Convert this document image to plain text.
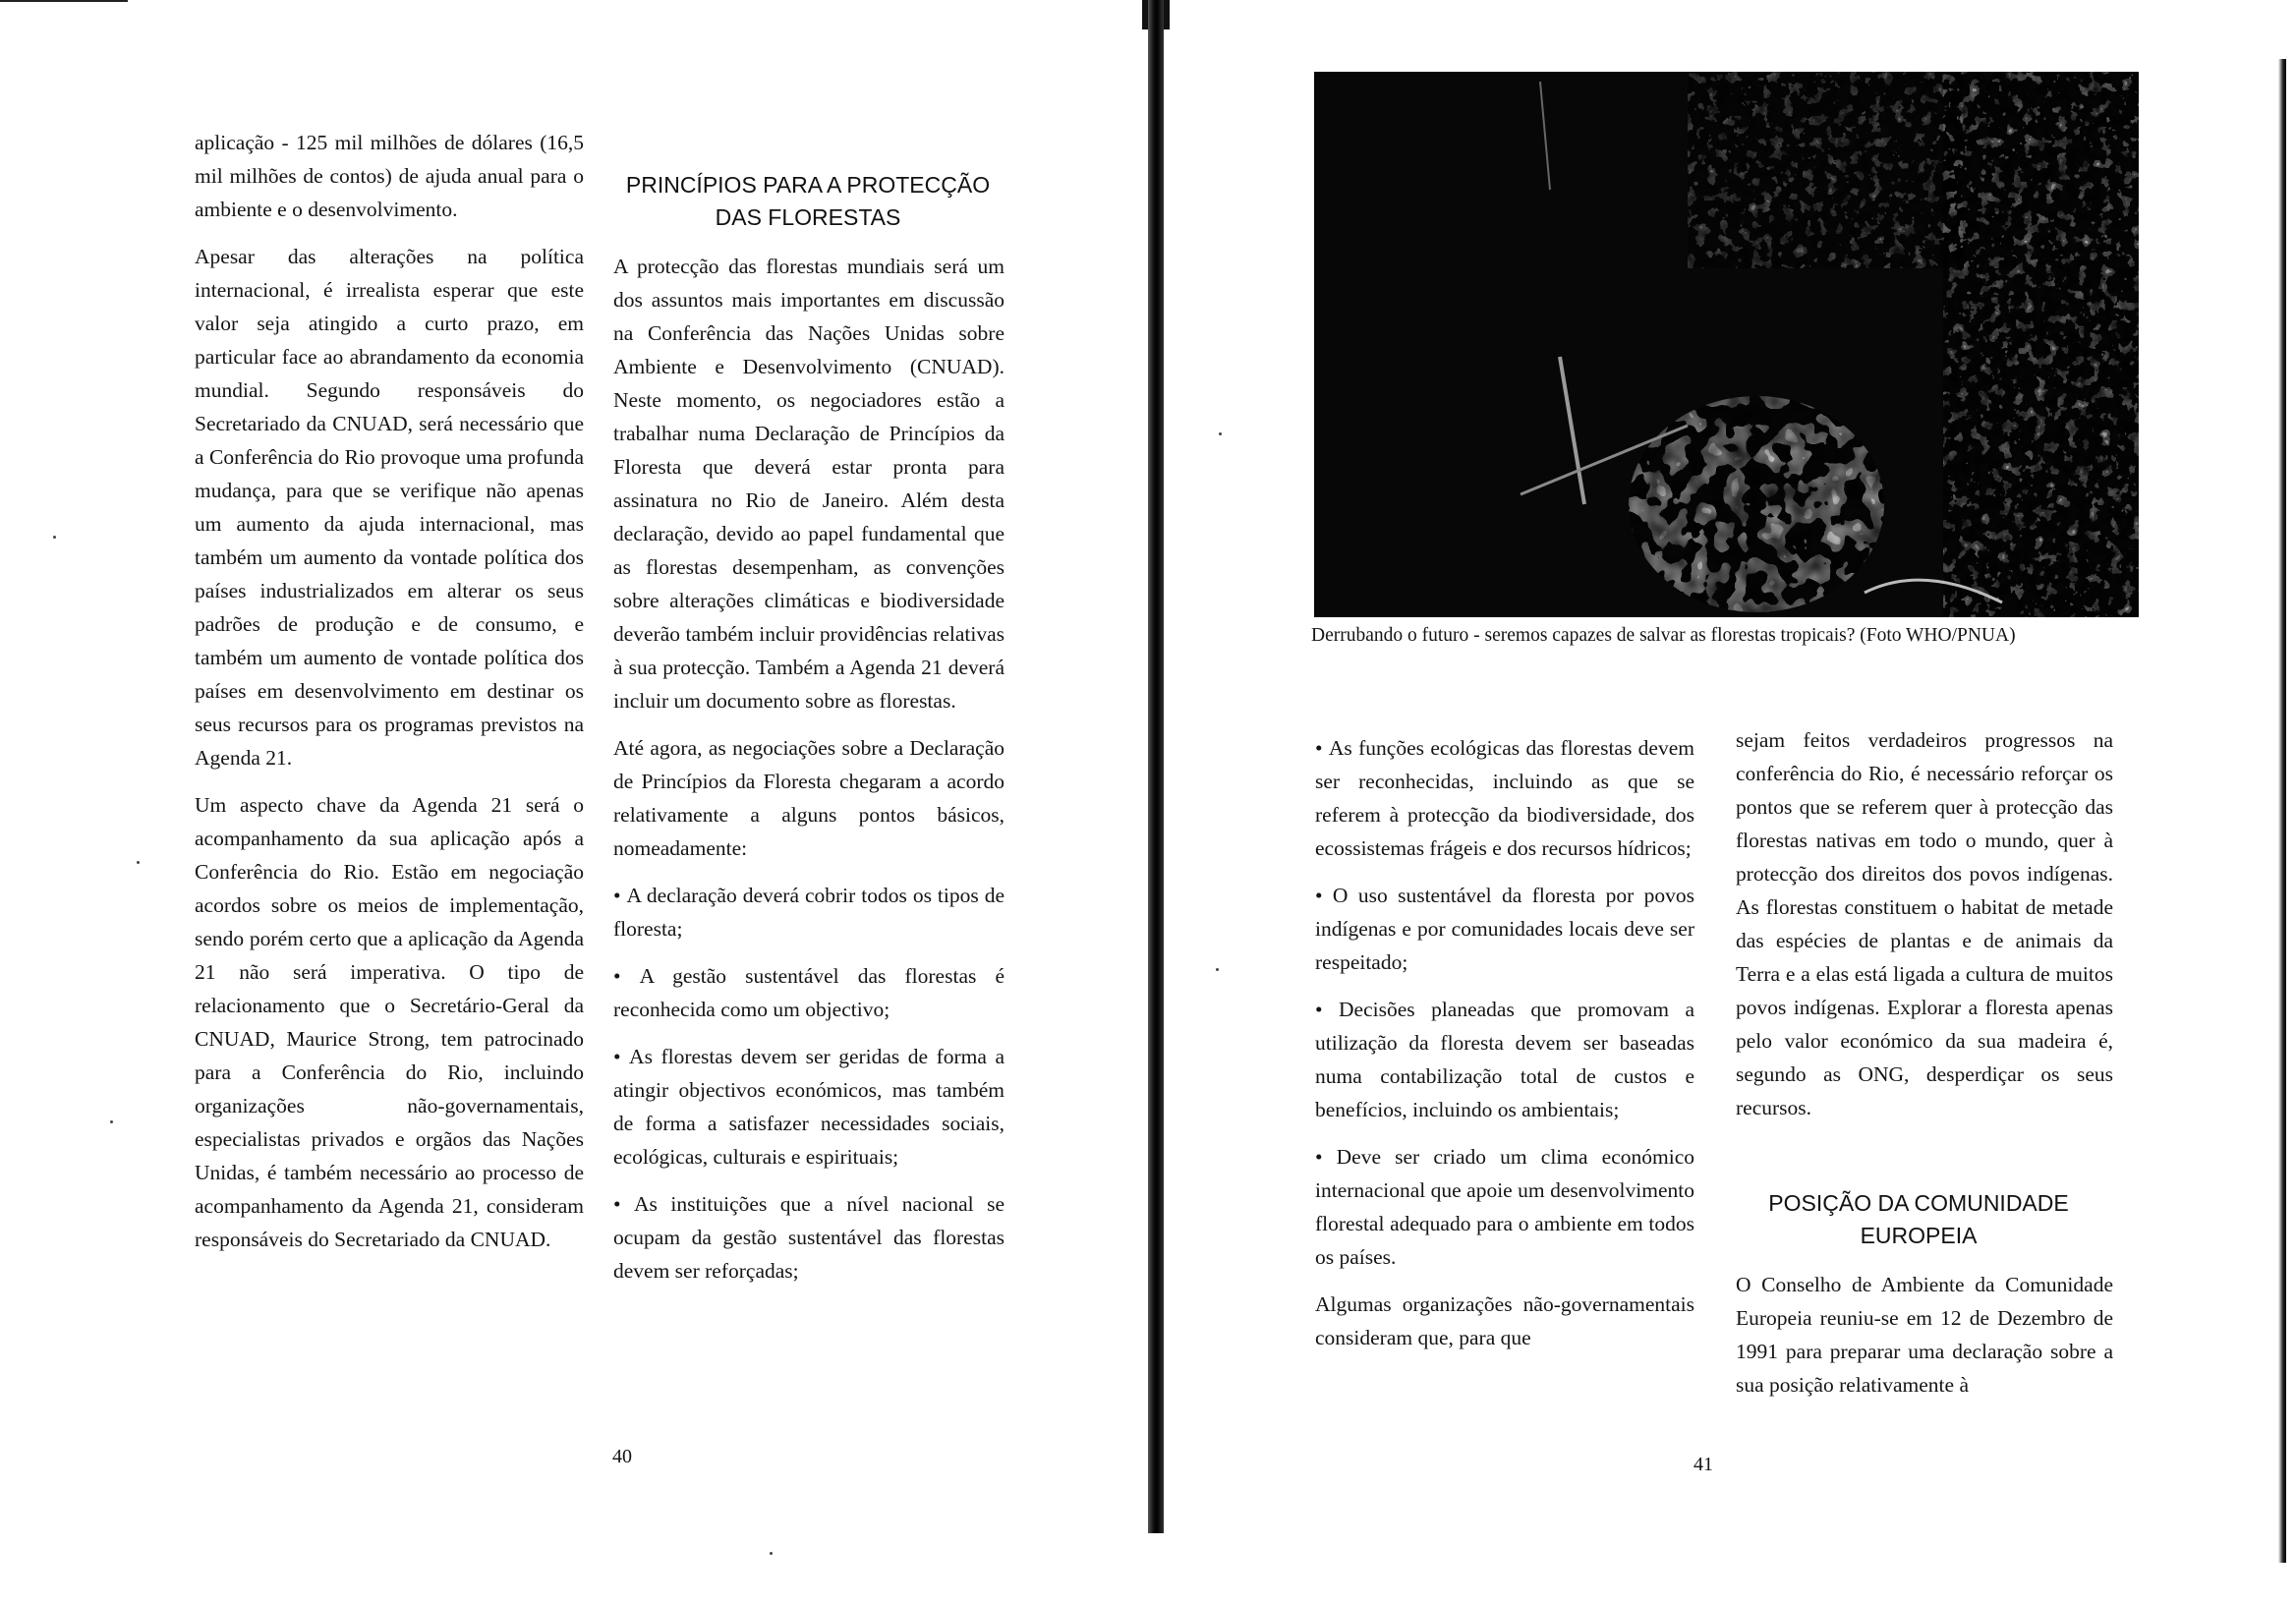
aplicação - 125 mil milhões de dólares (16,5 mil milhões de contos) de ajuda anual para o ambiente e o desenvolvimento.

Apesar das alterações na política internacional, é irrealista esperar que este valor seja atingido a curto prazo, em particular face ao abrandamento da economia mundial. Segundo responsáveis do Secretariado da CNUAD, será necessário que a Conferência do Rio provoque uma profunda mudança, para que se verifique não apenas um aumento da ajuda internacional, mas também um aumento da vontade política dos países industrializados em alterar os seus padrões de produção e de consumo, e também um aumento de vontade política dos países em desenvolvimento em destinar os seus recursos para os programas previstos na Agenda 21.

Um aspecto chave da Agenda 21 será o acompanhamento da sua aplicação após a Conferência do Rio. Estão em negociação acordos sobre os meios de implementação, sendo porém certo que a aplicação da Agenda 21 não será imperativa. O tipo de relacionamento que o Secretário-Geral da CNUAD, Maurice Strong, tem patrocinado para a Conferência do Rio, incluindo organizações não-governamentais, especialistas privados e orgãos das Nações Unidas, é também necessário ao processo de acompanhamento da Agenda 21, consideram responsáveis do Secretariado da CNUAD.

PRINCÍPIOS PARA A PROTECÇÃO DAS FLORESTAS

A protecção das florestas mundiais será um dos assuntos mais importantes em discussão na Conferência das Nações Unidas sobre Ambiente e Desenvolvimento (CNUAD). Neste momento, os negociadores estão a trabalhar numa Declaração de Princípios da Floresta que deverá estar pronta para assinatura no Rio de Janeiro. Além desta declaração, devido ao papel fundamental que as florestas desempenham, as convenções sobre alterações climáticas e biodiversidade deverão também incluir providências relativas à sua protecção. Também a Agenda 21 deverá incluir um documento sobre as florestas.

Até agora, as negociações sobre a Declaração de Princípios da Floresta chegaram a acordo relativamente a alguns pontos básicos, nomeadamente:

• A declaração deverá cobrir todos os tipos de floresta;

• A gestão sustentável das florestas é reconhecida como um objectivo;

• As florestas devem ser geridas de forma a atingir objectivos económicos, mas também de forma a satisfazer necessidades sociais, ecológicas, culturais e espirituais;

• As instituições que a nível nacional se ocupam da gestão sustentável das florestas devem ser reforçadas;

40
Derrubando o futuro - seremos capazes de salvar as florestas tropicais? (Foto WHO/PNUA)

• As funções ecológicas das florestas devem ser reconhecidas, incluindo as que se referem à protecção da biodiversidade, dos ecossistemas frágeis e dos recursos hídricos;

• O uso sustentável da floresta por povos indígenas e por comunidades locais deve ser respeitado;

• Decisões planeadas que promovam a utilização da floresta devem ser baseadas numa contabilização total de custos e benefícios, incluindo os ambientais;

• Deve ser criado um clima económico internacional que apoie um desenvolvimento florestal adequado para o ambiente em todos os países.

Algumas organizações não-governamentais consideram que, para que

sejam feitos verdadeiros progressos na conferência do Rio, é necessário reforçar os pontos que se referem quer à protecção das florestas nativas em todo o mundo, quer à protecção dos direitos dos povos indígenas. As florestas constituem o habitat de metade das espécies de plantas e de animais da Terra e a elas está ligada a cultura de muitos povos indígenas. Explorar a floresta apenas pelo valor económico da sua madeira é, segundo as ONG, desperdiçar os seus recursos.

POSIÇÃO DA COMUNIDADE EUROPEIA

O Conselho de Ambiente da Comunidade Europeia reuniu-se em 12 de Dezembro de 1991 para preparar uma declaração sobre a sua posição relativamente à

41
